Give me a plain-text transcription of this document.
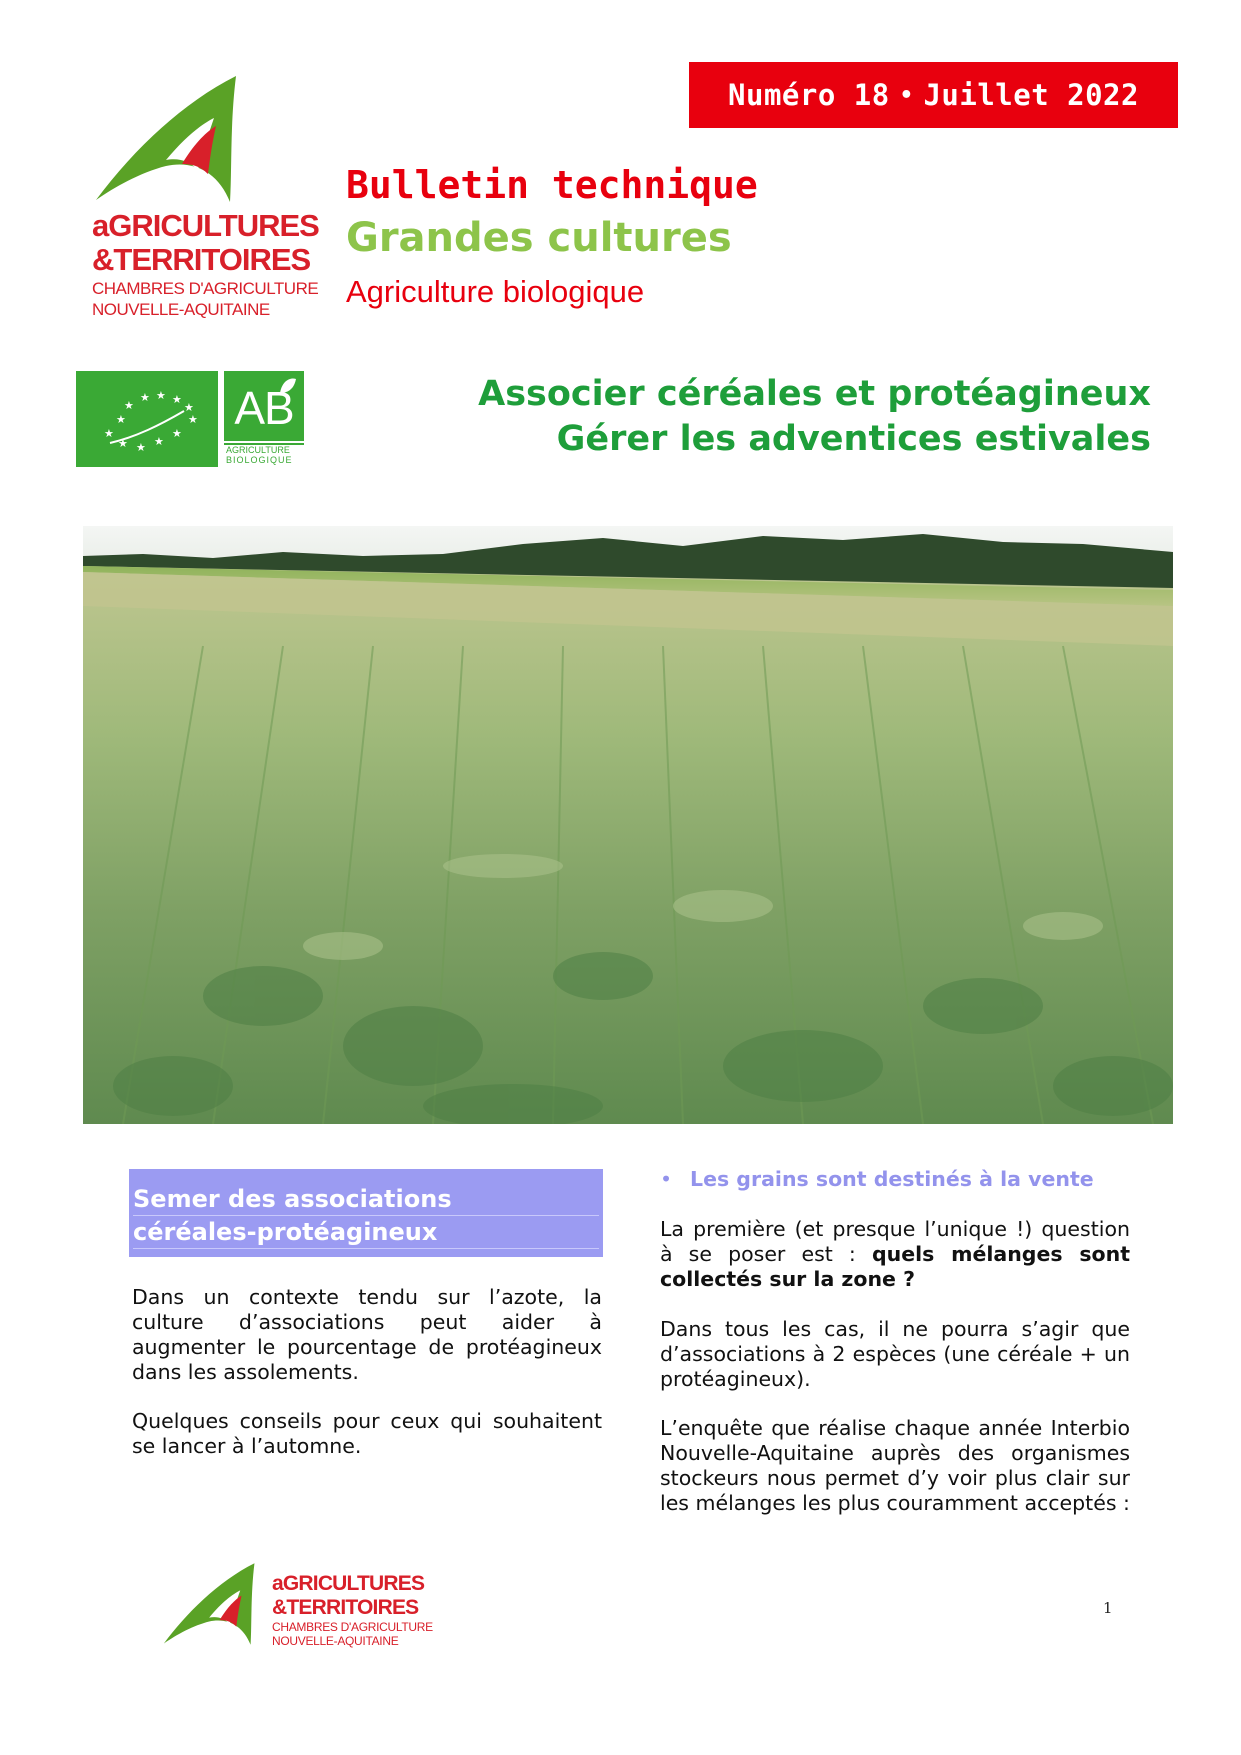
Numéro 18 • Juillet 2022
aGRICULTURES
&TERRITOIRES
CHAMBRES D'AGRICULTURE
NOUVELLE-AQUITAINE
Bulletin technique
Grandes cultures
Agriculture biologique
★
★
★
★ ★ ★
★
★
★ ★ ★
★ AB
AGRICULTURE
BIOLOGIQUE
Associer céréales et protéagineux
Gérer les adventices estivales
Semer des associations
céréales-protéagineux
Dans un contexte tendu sur l’azote, la culture d’associations peut aider à augmenter le pourcentage de protéagineux dans les assolements.
Quelques conseils pour ceux qui souhaitent se lancer à l’automne.
• Les grains sont destinés à la vente
La première (et presque l’unique !) question à se poser est : quels mélanges sont collectés sur la zone ?
Dans tous les cas, il ne pourra s’agir que d’associations à 2 espèces (une céréale + un protéagineux).
L’enquête que réalise chaque année Interbio Nouvelle-Aquitaine auprès des organismes stockeurs nous permet d’y voir plus clair sur les mélanges les plus couramment acceptés :
aGRICULTURES
&TERRITOIRES
CHAMBRES D'AGRICULTURE
NOUVELLE-AQUITAINE
1
